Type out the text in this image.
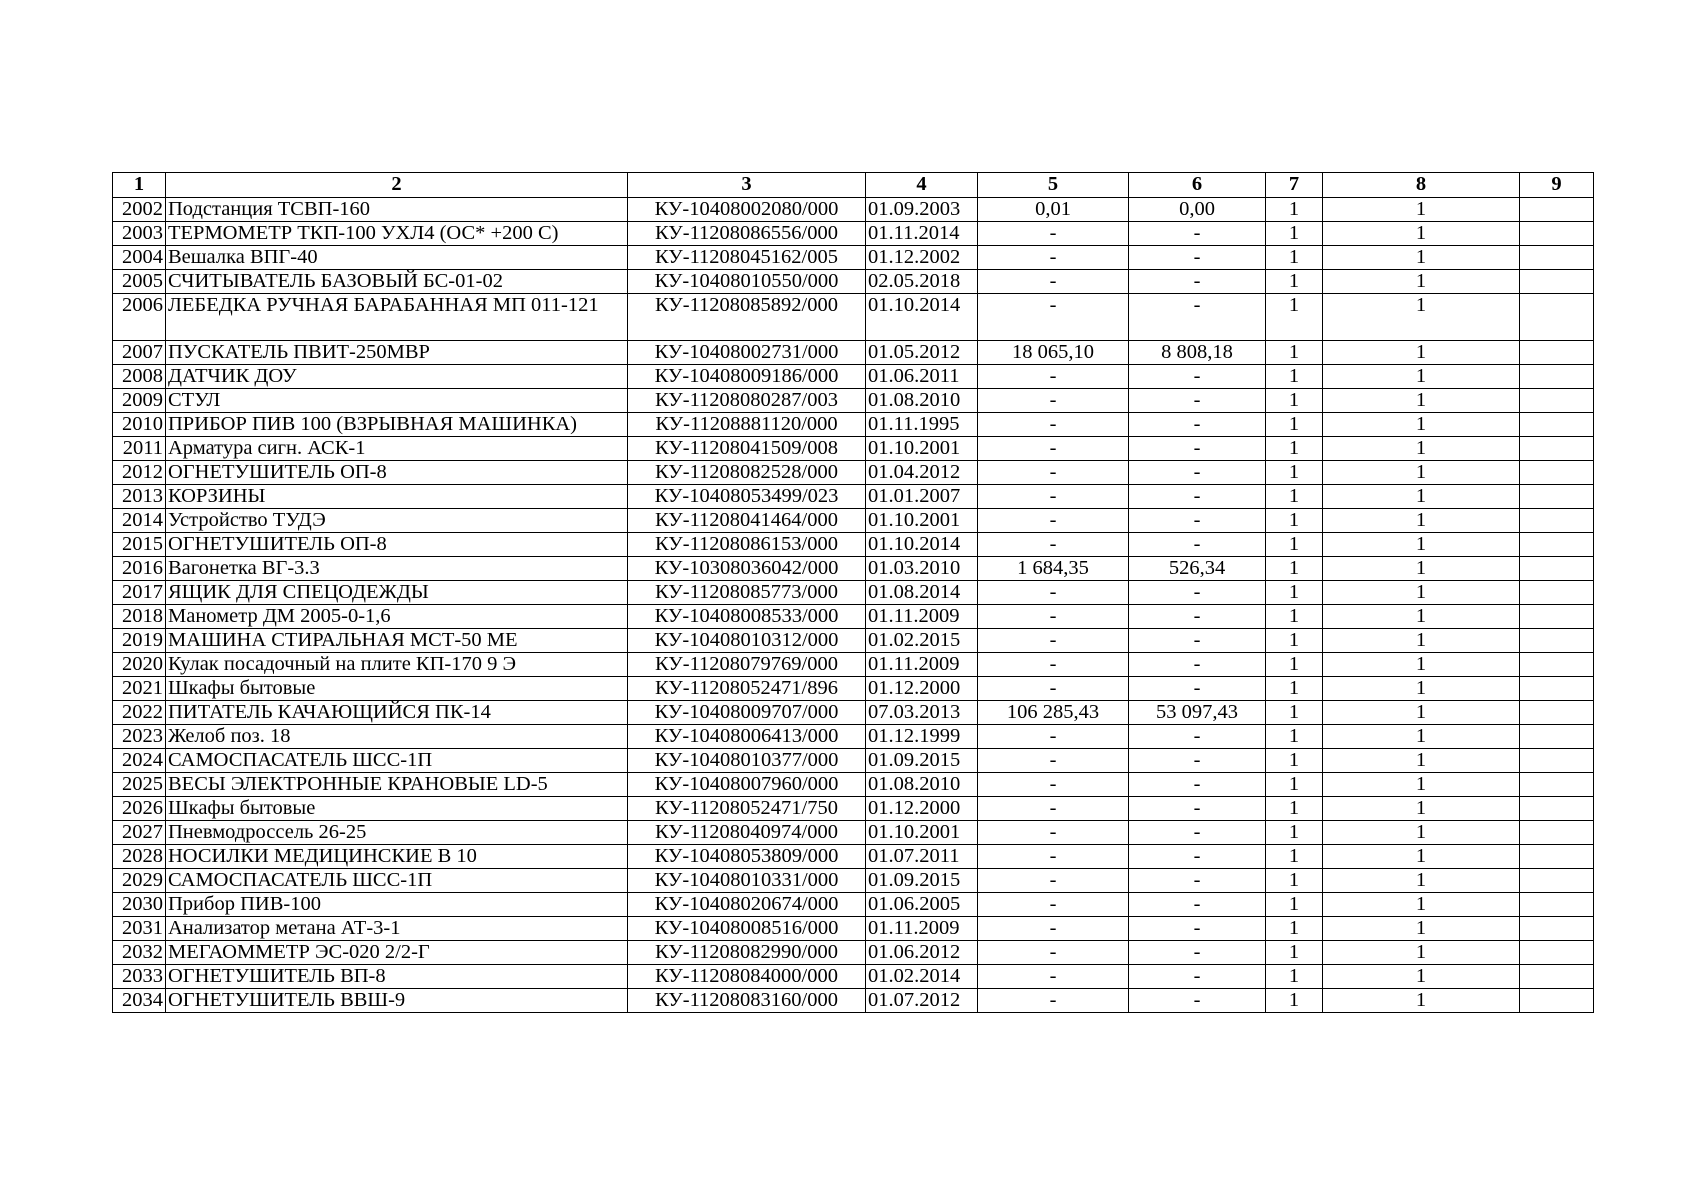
1	2	3	4	5	6	7	8	9
2002	Подстанция ТСВП-160	КУ-10408002080/000	01.09.2003	0,01	0,00	1	1	
2003	ТЕРМОМЕТР ТКП-100 УХЛ4 (ОС* +200 С)	КУ-11208086556/000	01.11.2014	-	-	1	1	
2004	Вешалка ВПГ-40	КУ-11208045162/005	01.12.2002	-	-	1	1	
2005	СЧИТЫВАТЕЛЬ БАЗОВЫЙ БС-01-02	КУ-10408010550/000	02.05.2018	-	-	1	1	
2006	ЛЕБЕДКА РУЧНАЯ БАРАБАННАЯ МП 011-121	КУ-11208085892/000	01.10.2014	-	-	1	1	
2007	ПУСКАТЕЛЬ ПВИТ-250МВР	КУ-10408002731/000	01.05.2012	18 065,10	8 808,18	1	1	
2008	ДАТЧИК ДОУ	КУ-10408009186/000	01.06.2011	-	-	1	1	
2009	СТУЛ	КУ-11208080287/003	01.08.2010	-	-	1	1	
2010	ПРИБОР ПИВ 100 (ВЗРЫВНАЯ МАШИНКА)	КУ-11208881120/000	01.11.1995	-	-	1	1	
2011	Арматура сигн. АСК-1	КУ-11208041509/008	01.10.2001	-	-	1	1	
2012	ОГНЕТУШИТЕЛЬ ОП-8	КУ-11208082528/000	01.04.2012	-	-	1	1	
2013	КОРЗИНЫ	КУ-10408053499/023	01.01.2007	-	-	1	1	
2014	Устройство ТУДЭ	КУ-11208041464/000	01.10.2001	-	-	1	1	
2015	ОГНЕТУШИТЕЛЬ ОП-8	КУ-11208086153/000	01.10.2014	-	-	1	1	
2016	Вагонетка ВГ-3.3	КУ-10308036042/000	01.03.2010	1 684,35	526,34	1	1	
2017	ЯЩИК ДЛЯ СПЕЦОДЕЖДЫ	КУ-11208085773/000	01.08.2014	-	-	1	1	
2018	Манометр ДМ 2005-0-1,6	КУ-10408008533/000	01.11.2009	-	-	1	1	
2019	МАШИНА СТИРАЛЬНАЯ МСТ-50 МЕ	КУ-10408010312/000	01.02.2015	-	-	1	1	
2020	Кулак посадочный на плите КП-170 9 Э	КУ-11208079769/000	01.11.2009	-	-	1	1	
2021	Шкафы бытовые	КУ-11208052471/896	01.12.2000	-	-	1	1	
2022	ПИТАТЕЛЬ КАЧАЮЩИЙСЯ ПК-14	КУ-10408009707/000	07.03.2013	106 285,43	53 097,43	1	1	
2023	Желоб поз. 18	КУ-10408006413/000	01.12.1999	-	-	1	1	
2024	САМОСПАСАТЕЛЬ ШСС-1П	КУ-10408010377/000	01.09.2015	-	-	1	1	
2025	ВЕСЫ ЭЛЕКТРОННЫЕ КРАНОВЫЕ LD-5	КУ-10408007960/000	01.08.2010	-	-	1	1	
2026	Шкафы бытовые	КУ-11208052471/750	01.12.2000	-	-	1	1	
2027	Пневмодроссель 26-25	КУ-11208040974/000	01.10.2001	-	-	1	1	
2028	НОСИЛКИ МЕДИЦИНСКИЕ В 10	КУ-10408053809/000	01.07.2011	-	-	1	1	
2029	САМОСПАСАТЕЛЬ ШСС-1П	КУ-10408010331/000	01.09.2015	-	-	1	1	
2030	Прибор ПИВ-100	КУ-10408020674/000	01.06.2005	-	-	1	1	
2031	Анализатор метана АТ-3-1	КУ-10408008516/000	01.11.2009	-	-	1	1	
2032	МЕГАОММЕТР ЭС-020 2/2-Г	КУ-11208082990/000	01.06.2012	-	-	1	1	
2033	ОГНЕТУШИТЕЛЬ ВП-8	КУ-11208084000/000	01.02.2014	-	-	1	1	
2034	ОГНЕТУШИТЕЛЬ ВВШ-9	КУ-11208083160/000	01.07.2012	-	-	1	1	
